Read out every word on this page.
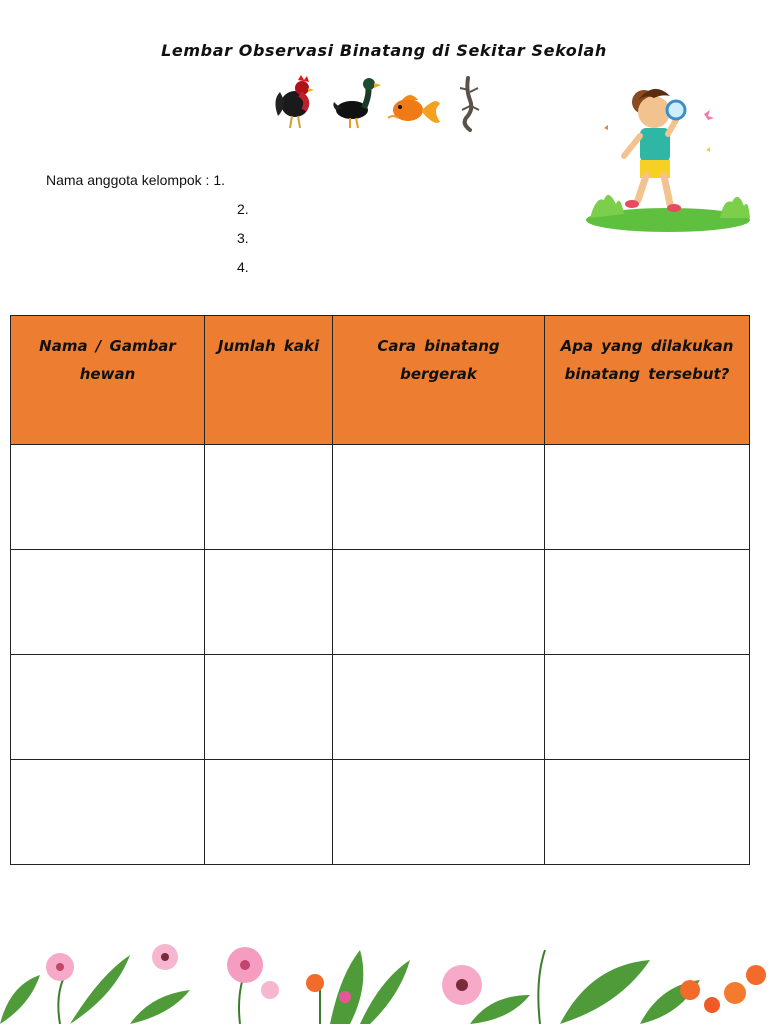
Lembar Observasi Binatang di Sekitar Sekolah
Nama anggota kelompok : 1.
2.
3.
4.
Nama / Gambar hewan	Jumlah kaki	Cara binatang bergerak	Apa yang dilakukan binatang tersebut?
